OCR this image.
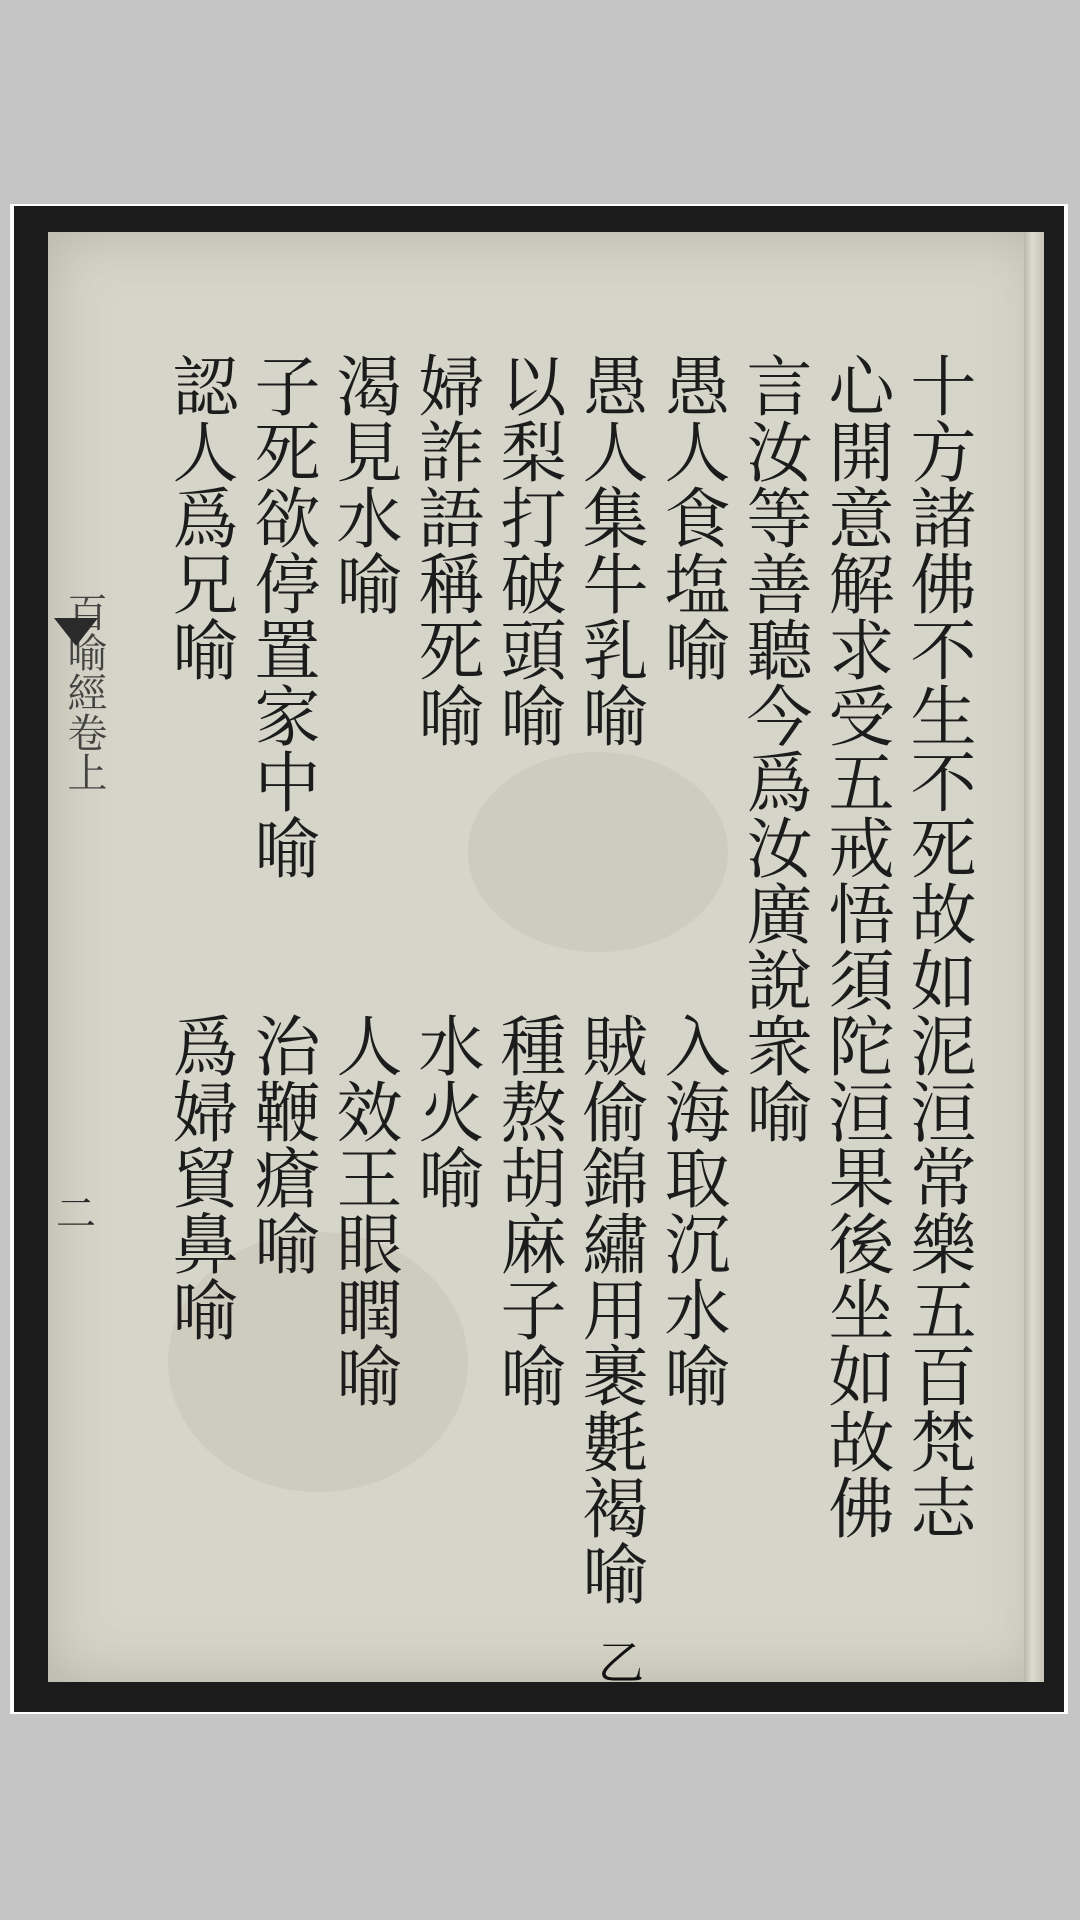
百喻經卷上
二	十方諸佛不生不死故如泥洹常樂五百梵志
心開意解求受五戒悟須陀洹果後坐如故佛
言汝等善聽今爲汝廣說衆喻
愚人食塩喻
愚人集牛乳喻
以梨打破頭喻
婦詐語稱死喻
渴見水喻
子死欲停置家中喻
認人爲兄喻
入海取沉水喻
賊偷錦繡用裹氀褐喻
種熬胡麻子喻
水火喻
人效王眼瞤喻
治鞭瘡喻
爲婦貿鼻喻
乙
